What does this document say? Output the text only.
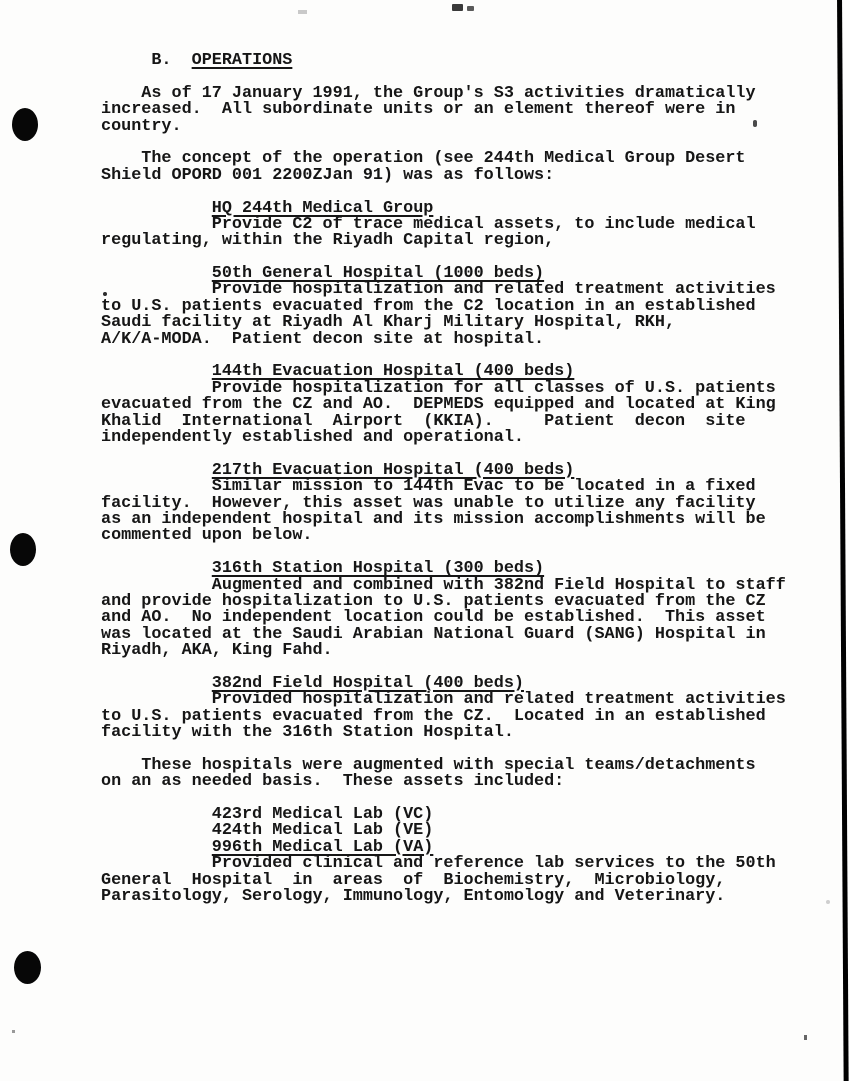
B.  OPERATIONS
As of 17 January 1991, the Group's S3 activities dramatically
increased.  All subordinate units or an element thereof were in
country.
The concept of the operation (see 244th Medical Group Desert
Shield OPORD 001 2200ZJan 91) was as follows:
HQ 244th Medical Group
Provide C2 of trace medical assets, to include medical
regulating, within the Riyadh Capital region,
50th General Hospital (1000 beds)
Provide hospitalization and related treatment activities
to U.S. patients evacuated from the C2 location in an established
Saudi facility at Riyadh Al Kharj Military Hospital, RKH,
A/K/A-MODA.  Patient decon site at hospital.
144th Evacuation Hospital (400 beds)
Provide hospitalization for all classes of U.S. patients
evacuated from the CZ and AO.  DEPMEDS equipped and located at King
Khalid  International  Airport  (KKIA).     Patient  decon  site
independently established and operational.
217th Evacuation Hospital (400 beds)
Similar mission to 144th Evac to be located in a fixed
facility.  However, this asset was unable to utilize any facility
as an independent hospital and its mission accomplishments will be
commented upon below.
316th Station Hospital (300 beds)
Augmented and combined with 382nd Field Hospital to staff
and provide hospitalization to U.S. patients evacuated from the CZ
and AO.  No independent location could be established.  This asset
was located at the Saudi Arabian National Guard (SANG) Hospital in
Riyadh, AKA, King Fahd.
382nd Field Hospital (400 beds)
Provided hospitalization and related treatment activities
to U.S. patients evacuated from the CZ.  Located in an established
facility with the 316th Station Hospital.
These hospitals were augmented with special teams/detachments
on an as needed basis.  These assets included:
423rd Medical Lab (VC)
424th Medical Lab (VE)
996th Medical Lab (VA)
Provided clinical and reference lab services to the 50th
General  Hospital  in  areas  of  Biochemistry,  Microbiology,
Parasitology, Serology, Immunology, Entomology and Veterinary.
